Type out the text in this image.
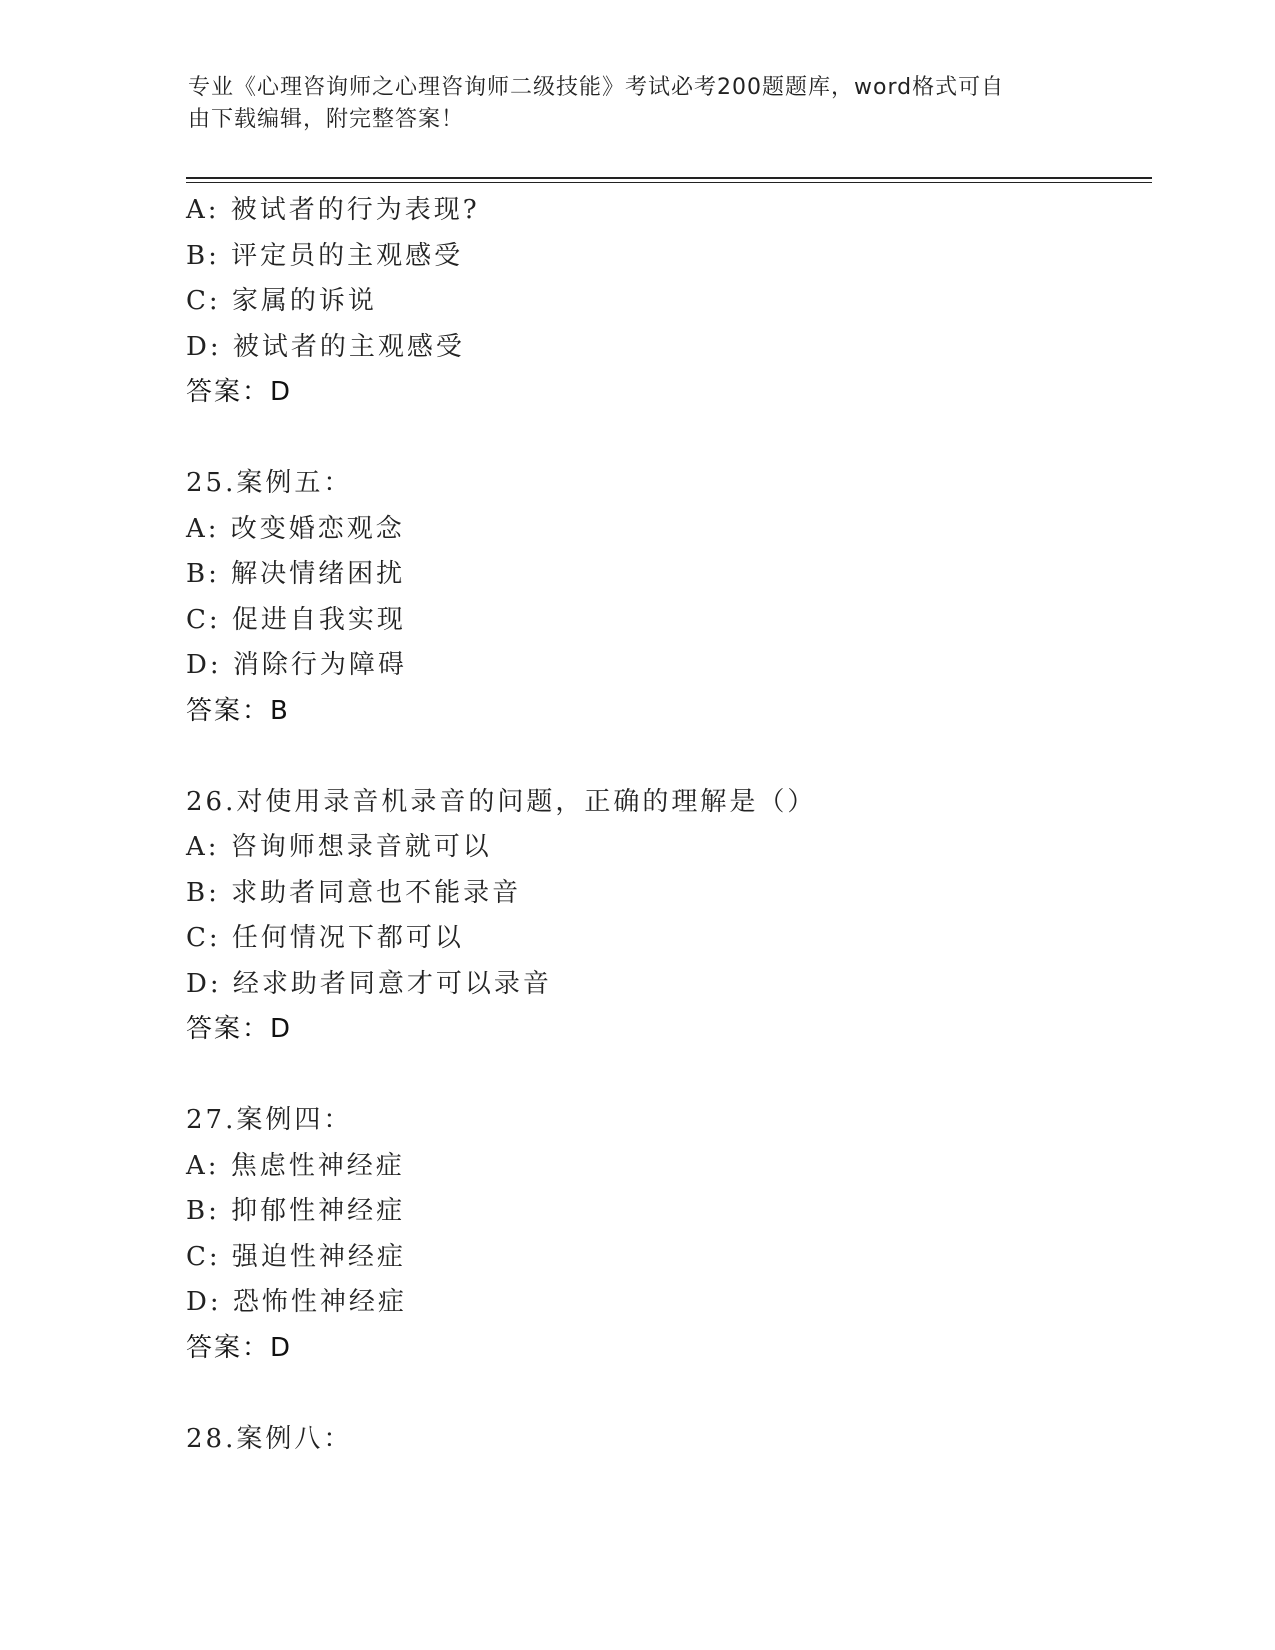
专业《心理咨询师之心理咨询师二级技能》考试必考200题题库，word格式可自
由下载编辑，附完整答案！
A: 被试者的行为表现?
B: 评定员的主观感受
C: 家属的诉说
D: 被试者的主观感受
答案：D
25.案例五：
A: 改变婚恋观念
B: 解决情绪困扰
C: 促进自我实现
D: 消除行为障碍
答案：B
26.对使用录音机录音的问题，正确的理解是（）
A: 咨询师想录音就可以
B: 求助者同意也不能录音
C: 任何情况下都可以
D: 经求助者同意才可以录音
答案：D
27.案例四：
A: 焦虑性神经症
B: 抑郁性神经症
C: 强迫性神经症
D: 恐怖性神经症
答案：D
28.案例八：
